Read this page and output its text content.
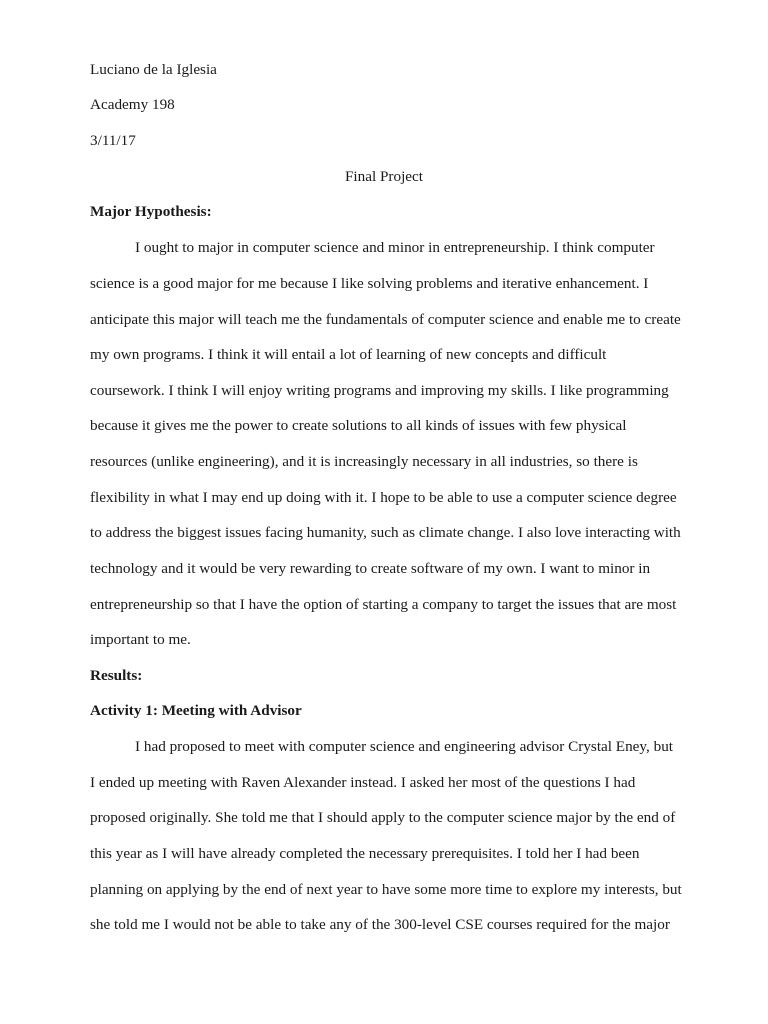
Luciano de la Iglesia
Academy 198
3/11/17
Final Project
Major Hypothesis:
I ought to major in computer science and minor in entrepreneurship. I think computer
science is a good major for me because I like solving problems and iterative enhancement. I
anticipate this major will teach me the fundamentals of computer science and enable me to create
my own programs. I think it will entail a lot of learning of new concepts and difficult
coursework. I think I will enjoy writing programs and improving my skills. I like programming
because it gives me the power to create solutions to all kinds of issues with few physical
resources (unlike engineering), and it is increasingly necessary in all industries, so there is
flexibility in what I may end up doing with it. I hope to be able to use a computer science degree
to address the biggest issues facing humanity, such as climate change. I also love interacting with
technology and it would be very rewarding to create software of my own. I want to minor in
entrepreneurship so that I have the option of starting a company to target the issues that are most
important to me.
Results:
Activity 1: Meeting with Advisor
I had proposed to meet with computer science and engineering advisor Crystal Eney, but
I ended up meeting with Raven Alexander instead. I asked her most of the questions I had
proposed originally. She told me that I should apply to the computer science major by the end of
this year as I will have already completed the necessary prerequisites. I told her I had been
planning on applying by the end of next year to have some more time to explore my interests, but
she told me I would not be able to take any of the 300-level CSE courses required for the major
